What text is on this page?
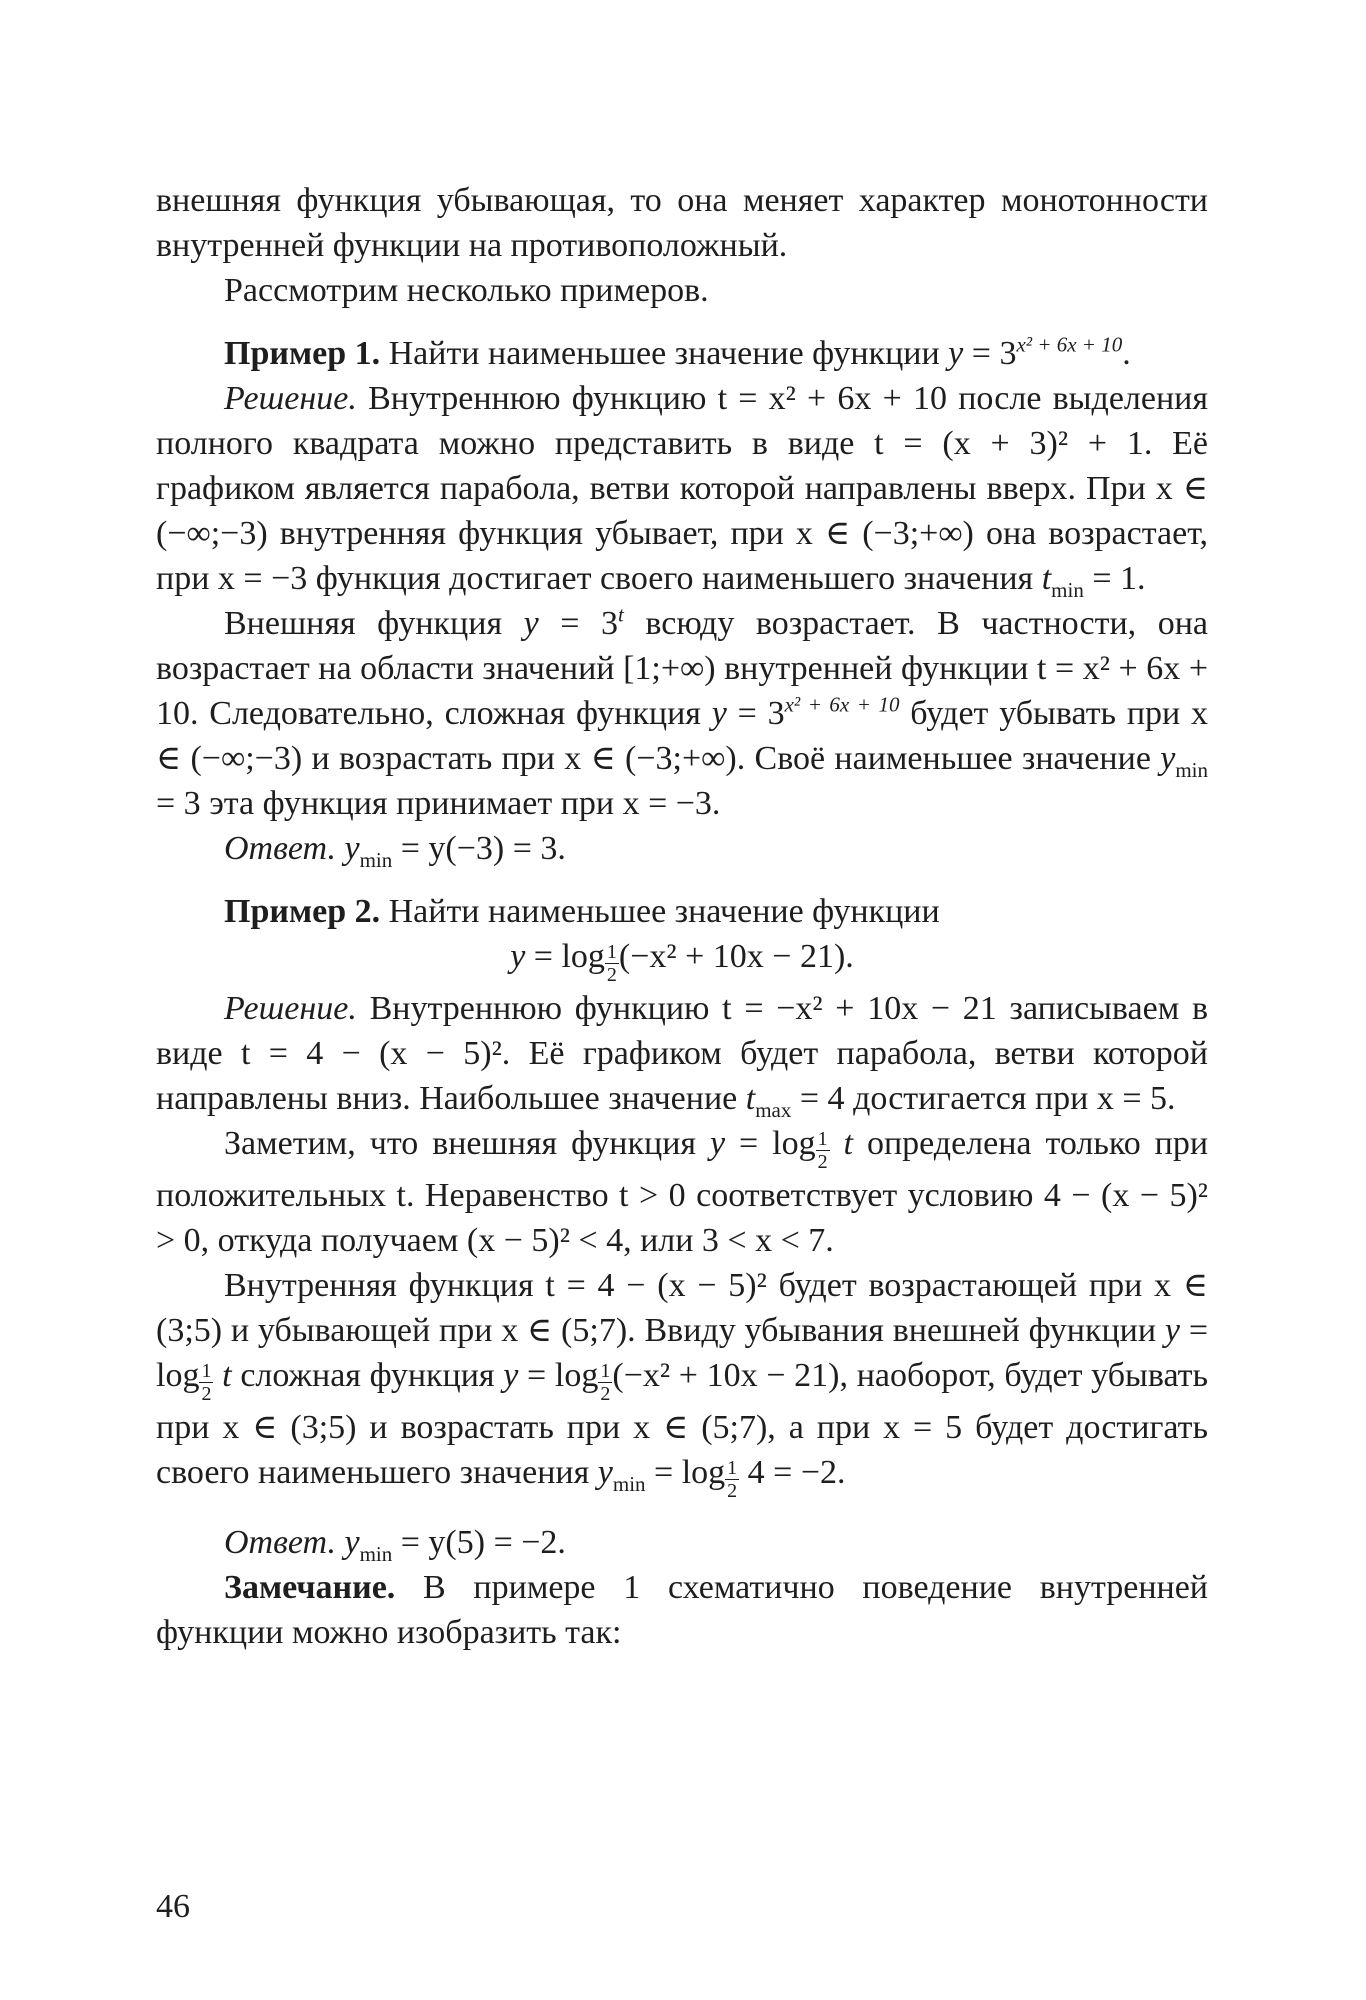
внешняя функция убывающая, то она меняет характер монотонности внутренней функции на противоположный.

Рассмотрим несколько примеров.

Пример 1. Найти наименьшее значение функции $y = 3^{x^2 + 6x + 10}$.

Решение. Внутреннюю функцию t = x² + 6x + 10 после выделения полного квадрата можно представить в виде t = (x + 3)² + 1. Её графиком является парабола, ветви которой направлены вверх. При x ∈ (−∞;−3) внутренняя функция убывает, при x ∈ (−3;+∞) она возрастает, при x = −3 функция достигает своего наименьшего значения $t_{min} = 1$.

Внешняя функция $y = 3^t$ всюду возрастает. В частности, она возрастает на области значений [1;+∞) внутренней функции t = x² + 6x + 10. Следовательно, сложная функция $y = 3^{x^2 + 6x + 10}$ будет убывать при x ∈ (−∞;−3) и возрастать при x ∈ (−3;+∞). Своё наименьшее значение $y_{min} = 3$ эта функция принимает при x = −3.

Ответ. $y_{min} = y(-3) = 3$.

Пример 2. Найти наименьшее значение функции

$y = \log \frac{1}{2} (-x^2 + 10x - 21)$.

Решение. Внутреннюю функцию t = −x² + 10x − 21 записываем в виде t = 4 − (x − 5)². Её графиком будет парабола, ветви которой направлены вниз. Наибольшее значение $t_{max} = 4$ достигается при x = 5.

Заметим, что внешняя функция $y = \log \frac{1}{2}$ t определена только при положительных t. Неравенство t > 0 соответствует условию 4 − (x − 5)² > 0, откуда получаем (x − 5)² < 4, или 3 < x < 7.

Внутренняя функция t = 4 − (x − 5)² будет возрастающей при x ∈ (3;5) и убывающей при x ∈ (5;7). Ввиду убывания внешней функции $y = \log \frac{1}{2}$ t сложная функция $y = \log \frac{1}{2} (-x^2 + 10x - 21)$, наоборот, будет убывать при x ∈ (3;5) и возрастать при x ∈ (5;7), а при x = 5 будет достигать своего наименьшего значения $y_{min} = \log \frac{1}{2} 4 = -2$.

Ответ. $y_{min} = y(5) = -2$.

Замечание. В примере 1 схематично поведение внутренней функции можно изобразить так:

46
